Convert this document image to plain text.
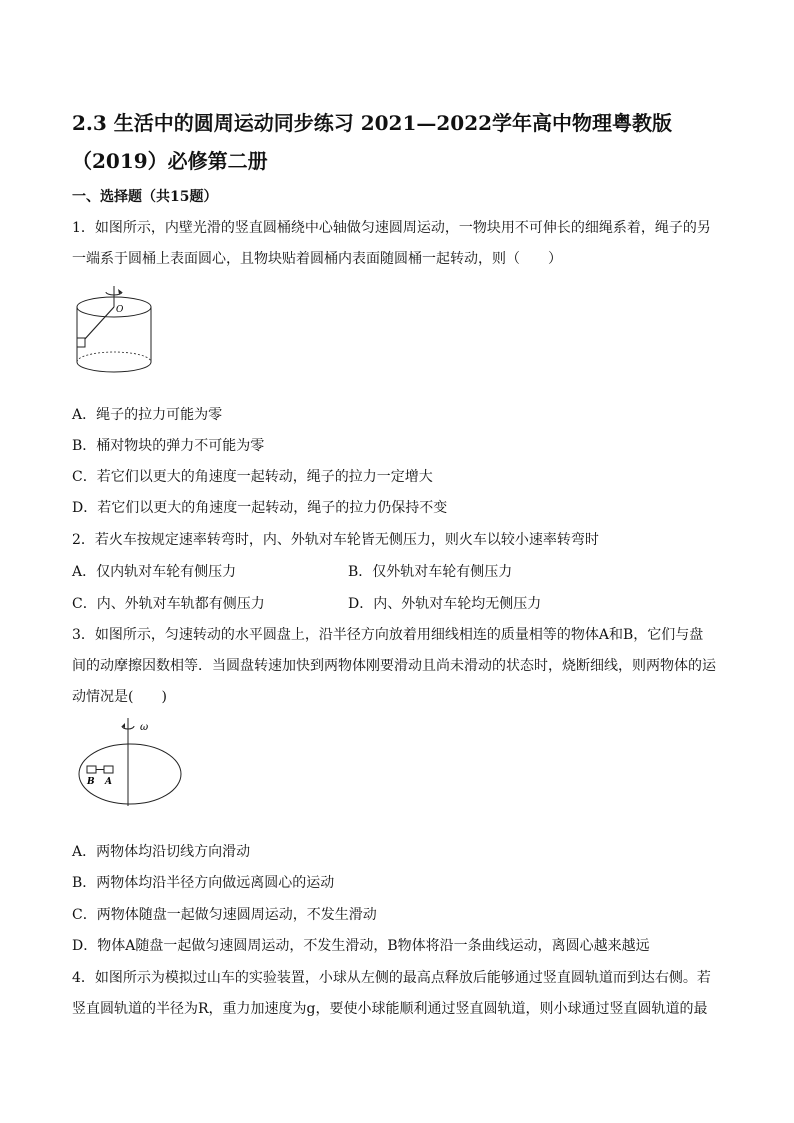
2.3 生活中的圆周运动同步练习 2021—2022学年高中物理粤教版
（2019）必修第二册
一、选择题（共15题）
1．如图所示，内壁光滑的竖直圆桶绕中心轴做匀速圆周运动，一物块用不可伸长的细绳系着，绳子的另
一端系于圆桶上表面圆心，且物块贴着圆桶内表面随圆桶一起转动，则（　　）
O
A．绳子的拉力可能为零
B．桶对物块的弹力不可能为零
C．若它们以更大的角速度一起转动，绳子的拉力一定增大
D．若它们以更大的角速度一起转动，绳子的拉力仍保持不变
2．若火车按规定速率转弯时，内、外轨对车轮皆无侧压力，则火车以较小速率转弯时
A．仅内轨对车轮有侧压力	B．仅外轨对车轮有侧压力
C．内、外轨对车轨都有侧压力	D．内、外轨对车轮均无侧压力
3．如图所示，匀速转动的水平圆盘上，沿半径方向放着用细线相连的质量相等的物体A和B，它们与盘
间的动摩擦因数相等．当圆盘转速加快到两物体刚要滑动且尚未滑动的状态时，烧断细线，则两物体的运
动情况是(　　)
ω
B A
A．两物体均沿切线方向滑动
B．两物体均沿半径方向做远离圆心的运动
C．两物体随盘一起做匀速圆周运动，不发生滑动
D．物体A随盘一起做匀速圆周运动，不发生滑动，B物体将沿一条曲线运动，离圆心越来越远
4．如图所示为模拟过山车的实验装置，小球从左侧的最高点释放后能够通过竖直圆轨道而到达右侧。若
竖直圆轨道的半径为R，重力加速度为g，要使小球能顺利通过竖直圆轨道，则小球通过竖直圆轨道的最
